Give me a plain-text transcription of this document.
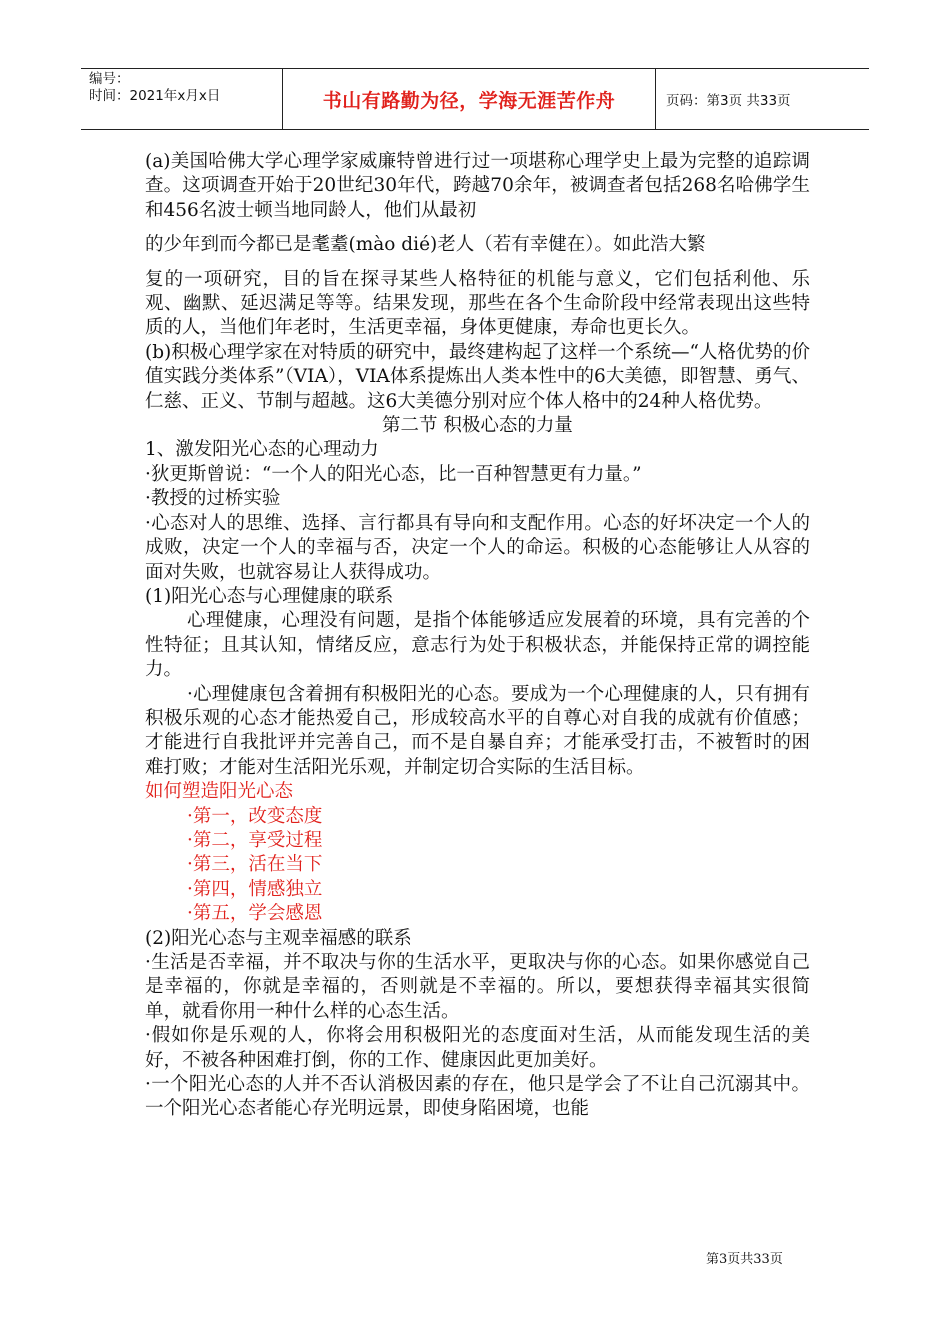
编号：
时间：2021年x月x日	书山有路勤为径，学海无涯苦作舟	页码：第3页 共33页

(a)美国哈佛大学心理学家威廉特曾进行过一项堪称心理学史上最为完整的追踪调查。这项调查开始于20世纪30年代，跨越70余年，被调查者包括268名哈佛学生和456名波士顿当地同龄人，他们从最初

的少年到而今都已是耄耋(mào dié)老人（若有幸健在）。如此浩大繁

复的一项研究，目的旨在探寻某些人格特征的机能与意义，它们包括利他、乐观、幽默、延迟满足等等。结果发现，那些在各个生命阶段中经常表现出这些特质的人，当他们年老时，生活更幸福，身体更健康，寿命也更长久。

(b)积极心理学家在对特质的研究中，最终建构起了这样一个系统—“人格优势的价值实践分类体系”（VIA），VIA体系提炼出人类本性中的6大美德，即智慧、勇气、仁慈、正义、节制与超越。这6大美德分别对应个体人格中的24种人格优势。

第二节 积极心态的力量

1、激发阳光心态的心理动力

·狄更斯曾说：“一个人的阳光心态，比一百种智慧更有力量。”

·教授的过桥实验

·心态对人的思维、选择、言行都具有导向和支配作用。心态的好坏决定一个人的成败，决定一个人的幸福与否，决定一个人的命运。积极的心态能够让人从容的面对失败，也就容易让人获得成功。

(1)阳光心态与心理健康的联系

心理健康，心理没有问题，是指个体能够适应发展着的环境，具有完善的个性特征；且其认知，情绪反应，意志行为处于积极状态，并能保持正常的调控能力。

·心理健康包含着拥有积极阳光的心态。要成为一个心理健康的人，只有拥有积极乐观的心态才能热爱自己，形成较高水平的自尊心对自我的成就有价值感；才能进行自我批评并完善自己，而不是自暴自弃；才能承受打击，不被暂时的困难打败；才能对生活阳光乐观，并制定切合实际的生活目标。

如何塑造阳光心态

·第一，改变态度

·第二，享受过程

·第三，活在当下

·第四，情感独立

·第五，学会感恩

(2)阳光心态与主观幸福感的联系

·生活是否幸福，并不取决与你的生活水平，更取决与你的心态。如果你感觉自己是幸福的，你就是幸福的，否则就是不幸福的。所以，要想获得幸福其实很简单，就看你用一种什么样的心态生活。

·假如你是乐观的人，你将会用积极阳光的态度面对生活，从而能发现生活的美好，不被各种困难打倒，你的工作、健康因此更加美好。

·一个阳光心态的人并不否认消极因素的存在，他只是学会了不让自己沉溺其中。一个阳光心态者能心存光明远景，即使身陷困境，也能

第3页共33页
